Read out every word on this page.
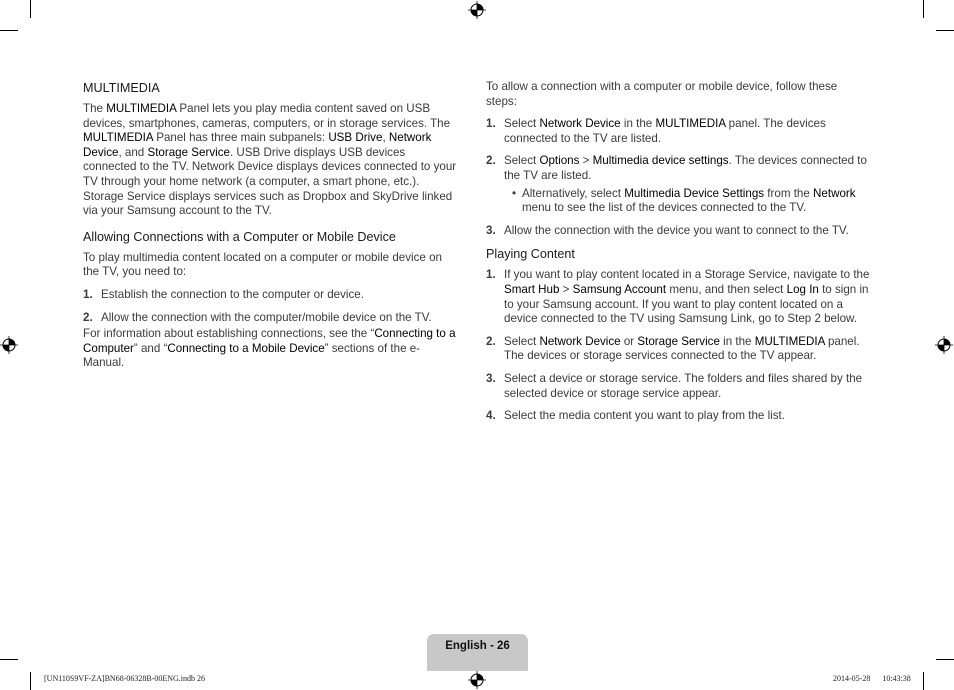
MULTIMEDIA

The MULTIMEDIA Panel lets you play media content saved on USB devices, smartphones, cameras, computers, or in storage services. The MULTIMEDIA Panel has three main subpanels: USB Drive, Network Device, and Storage Service. USB Drive displays USB devices connected to the TV. Network Device displays devices connected to your TV through your home network (a computer, a smart phone, etc.). Storage Service displays services such as Dropbox and SkyDrive linked via your Samsung account to the TV.

Allowing Connections with a Computer or Mobile Device

To play multimedia content located on a computer or mobile device on the TV, you need to:

1. Establish the connection to the computer or device.
2. Allow the connection with the computer/mobile device on the TV.

For information about establishing connections, see the “Connecting to a Computer” and “Connecting to a Mobile Device” sections of the e-Manual.

To allow a connection with a computer or mobile device, follow these steps:

1. Select Network Device in the MULTIMEDIA panel. The devices connected to the TV are listed.
2. Select Options > Multimedia device settings. The devices connected to the TV are listed.
• Alternatively, select Multimedia Device Settings from the Network menu to see the list of the devices connected to the TV.
3. Allow the connection with the device you want to connect to the TV.
Playing Content
1. If you want to play content located in a Storage Service, navigate to the Smart Hub > Samsung Account menu, and then select Log In to sign in to your Samsung account. If you want to play content located on a device connected to the TV using Samsung Link, go to Step 2 below.
2. Select Network Device or Storage Service in the MULTIMEDIA panel. The devices or storage services connected to the TV appear.
3. Select a device or storage service. The folders and files shared by the selected device or storage service appear.
4. Select the media content you want to play from the list.
English - 26
[UN110S9VF-ZA]BN68-06328B-00ENG.indb 26	2014-05-28   10:43:38
